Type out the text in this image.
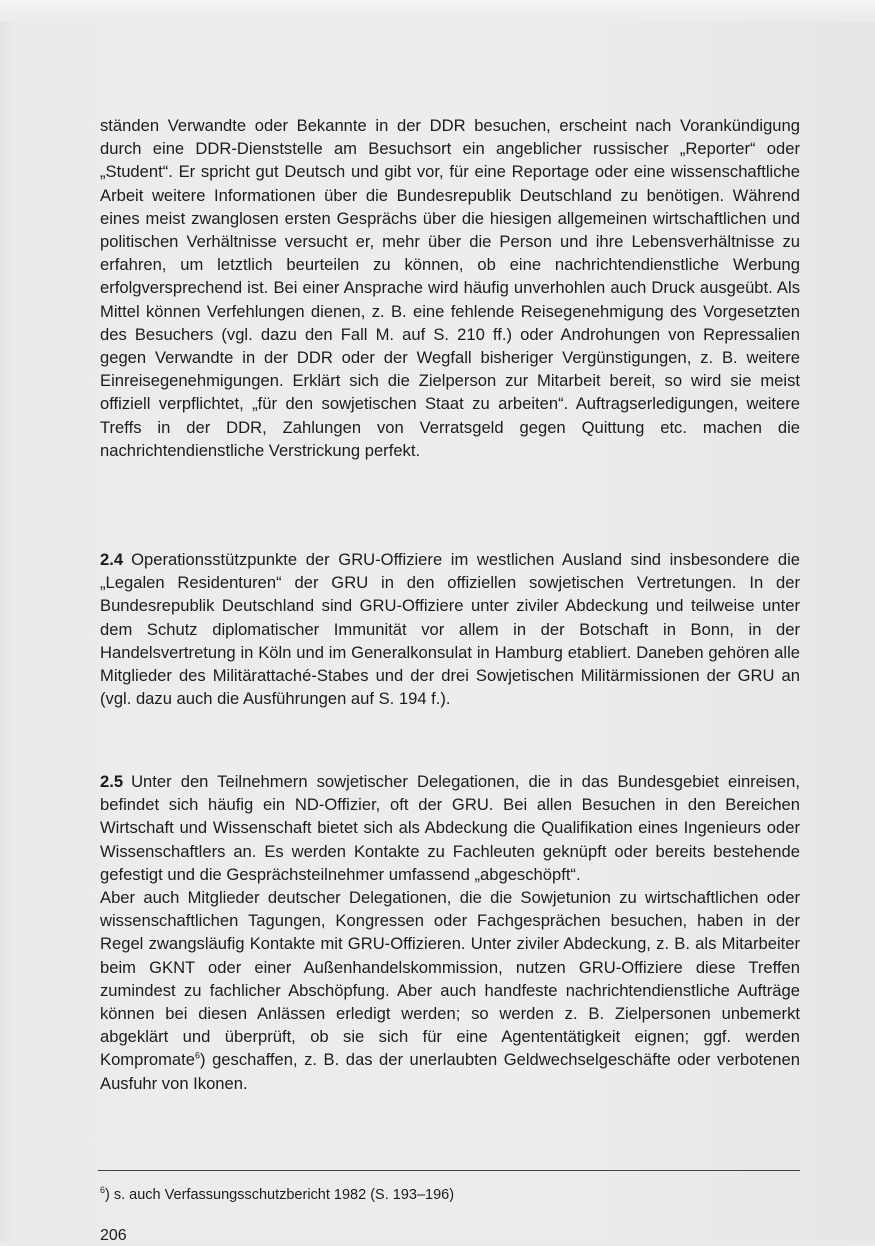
ständen Verwandte oder Bekannte in der DDR besuchen, erscheint nach Vorankündigung durch eine DDR-Dienststelle am Besuchsort ein angeblicher russischer „Reporter“ oder „Student“. Er spricht gut Deutsch und gibt vor, für eine Reportage oder eine wissenschaftliche Arbeit weitere Informationen über die Bundesrepublik Deutschland zu benötigen. Während eines meist zwanglosen ersten Gesprächs über die hiesigen allgemeinen wirtschaftlichen und politischen Verhältnisse versucht er, mehr über die Person und ihre Lebensverhältnisse zu erfahren, um letztlich beurteilen zu können, ob eine nachrichtendienstliche Werbung erfolgversprechend ist. Bei einer Ansprache wird häufig unverhohlen auch Druck ausgeübt. Als Mittel können Verfehlungen dienen, z. B. eine fehlende Reisegenehmigung des Vorgesetzten des Besuchers (vgl. dazu den Fall M. auf S. 210 ff.) oder Androhungen von Repressalien gegen Verwandte in der DDR oder der Wegfall bisheriger Vergünstigungen, z. B. weitere Einreisegenehmigungen. Erklärt sich die Zielperson zur Mitarbeit bereit, so wird sie meist offiziell verpflichtet, „für den sowjetischen Staat zu arbeiten“. Auftragserledigungen, weitere Treffs in der DDR, Zahlungen von Verratsgeld gegen Quittung etc. machen die nachrichtendienstliche Verstrickung perfekt.

2.4 Operationsstützpunkte der GRU-Offiziere im westlichen Ausland sind insbesondere die „Legalen Residenturen“ der GRU in den offiziellen sowjetischen Vertretungen. In der Bundesrepublik Deutschland sind GRU-Offiziere unter ziviler Abdeckung und teilweise unter dem Schutz diplomatischer Immunität vor allem in der Botschaft in Bonn, in der Handelsvertretung in Köln und im Generalkonsulat in Hamburg etabliert. Daneben gehören alle Mitglieder des Militärattaché-Stabes und der drei Sowjetischen Militärmissionen der GRU an (vgl. dazu auch die Ausführungen auf S. 194 f.).

2.5 Unter den Teilnehmern sowjetischer Delegationen, die in das Bundesgebiet einreisen, befindet sich häufig ein ND-Offizier, oft der GRU. Bei allen Besuchen in den Bereichen Wirtschaft und Wissenschaft bietet sich als Abdeckung die Qualifikation eines Ingenieurs oder Wissenschaftlers an. Es werden Kontakte zu Fachleuten geknüpft oder bereits bestehende gefestigt und die Gesprächsteilnehmer umfassend „abgeschöpft“.

Aber auch Mitglieder deutscher Delegationen, die die Sowjetunion zu wirtschaftlichen oder wissenschaftlichen Tagungen, Kongressen oder Fachgesprächen besuchen, haben in der Regel zwangsläufig Kontakte mit GRU-Offizieren. Unter ziviler Abdeckung, z. B. als Mitarbeiter beim GKNT oder einer Außenhandelskommission, nutzen GRU-Offiziere diese Treffen zumindest zu fachlicher Abschöpfung. Aber auch handfeste nachrichtendienstliche Aufträge können bei diesen Anlässen erledigt werden; so werden z. B. Zielpersonen unbemerkt abgeklärt und überprüft, ob sie sich für eine Agententätigkeit eignen; ggf. werden Kompromate$^6$) geschaffen, z. B. das der unerlaubten Geldwechselgeschäfte oder verbotenen Ausfuhr von Ikonen.

$^6$) s. auch Verfassungsschutzbericht 1982 (S. 193–196)
206
